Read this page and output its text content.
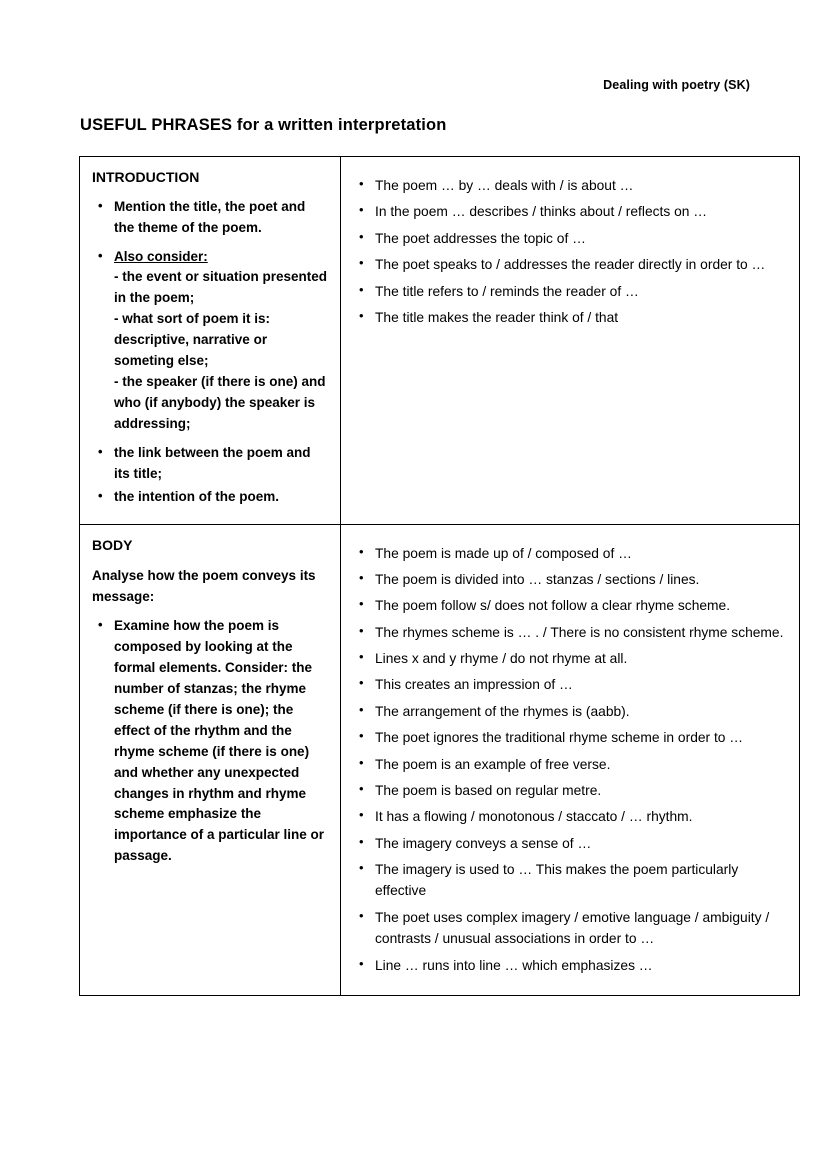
Dealing with poetry (SK)
USEFUL PHRASES for a written interpretation
INTRODUCTION
• Mention the title, the poet and the theme of the poem.
• Also consider:
- the event or situation presented in the poem;
- what sort of poem it is: descriptive, narrative or someting else;
- the speaker (if there is one) and who (if anybody) the speaker is addressing;
• the link between the poem and its title;
• the intention of the poem.

• The poem … by … deals with / is about …
• In the poem … describes / thinks about / reflects on …
• The poet addresses the topic of …
• The poet speaks to / addresses the reader directly in order to …
• The title refers to / reminds the reader of …
• The title makes the reader think of / that

BODY

Analyse how the poem conveys its message:

• Examine how the poem is composed by looking at the formal elements. Consider: the number of stanzas; the rhyme scheme (if there is one); the effect of the rhythm and the rhyme scheme (if there is one) and whether any unexpected changes in rhythm and rhyme scheme emphasize the importance of a particular line or passage.

• The poem is made up of / composed of …
• The poem is divided into … stanzas / sections / lines.
• The poem follow s/ does not follow a clear rhyme scheme.
• The rhymes scheme is … . / There is no consistent rhyme scheme.
• Lines x and y rhyme / do not rhyme at all.
• This creates an impression of …
• The arrangement of the rhymes is (aabb).
• The poet ignores the traditional rhyme scheme in order to …
• The poem is an example of free verse.
• The poem is based on regular metre.
• It has a flowing / monotonous / staccato / … rhythm.
• The imagery conveys a sense of …
• The imagery is used to … This makes the poem particularly effective
• The poet uses complex imagery / emotive language / ambiguity / contrasts / unusual associations in order to …
• Line … runs into line … which emphasizes …
